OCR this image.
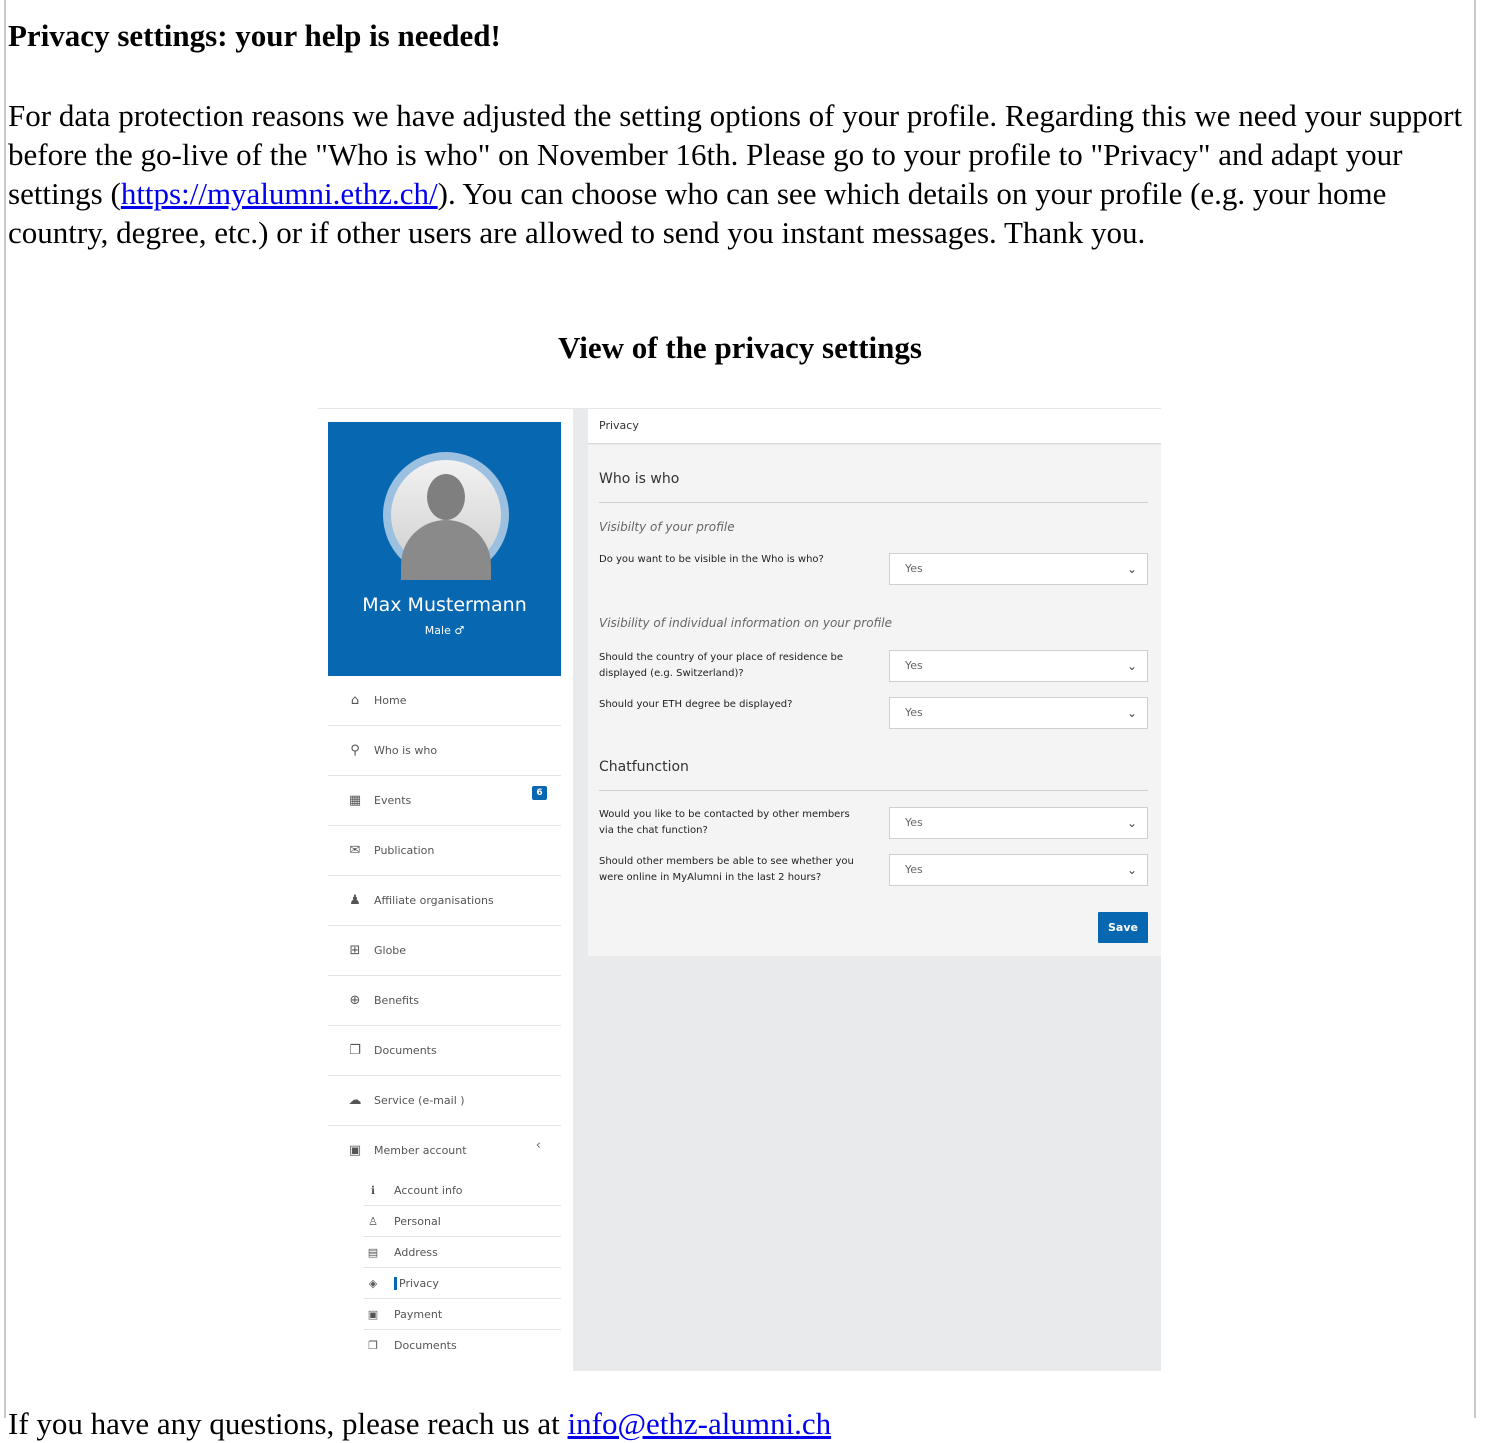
Privacy settings: your help is needed!

For data protection reasons we have adjusted the setting options of your profile. Regarding this we need your support before the go-live of the "Who is who" on November 16th. Please go to your profile to "Privacy" and adapt your settings (https://myalumni.ethz.ch/). You can choose who can see which details on your profile (e.g. your home country, degree, etc.) or if other users are allowed to send you instant messages. Thank you.

View of the privacy settings
Max Mustermann
Male ♂
⌂	Home
⚲	Who is who
▦ Events
6
✉	Publication
♟ Affiliate organisations
⊞	Globe
⊕	Benefits
❐ Documents
☁ Service (e-mail )
▣ Member account	‹
ℹ	Account info
♙	Personal
▤	Address
◈	Privacy
▣	Payment
❐	Documents
Privacy
Who is who
Visibilty of your profile
Do you want to be visible in the Who is who?
Yes	⌄
Visibility of individual information on your profile
Should the country of your place of residence be displayed (e.g. Switzerland)?
Yes	⌄
Should your ETH degree be displayed?
Yes	⌄
Chatfunction
Would you like to be contacted by other members via the chat function?
Yes	⌄
Should other members be able to see whether you were online in MyAlumni in the last 2 hours?
Yes	⌄
Save
If you have any questions, please reach us at info@ethz-alumni.ch
